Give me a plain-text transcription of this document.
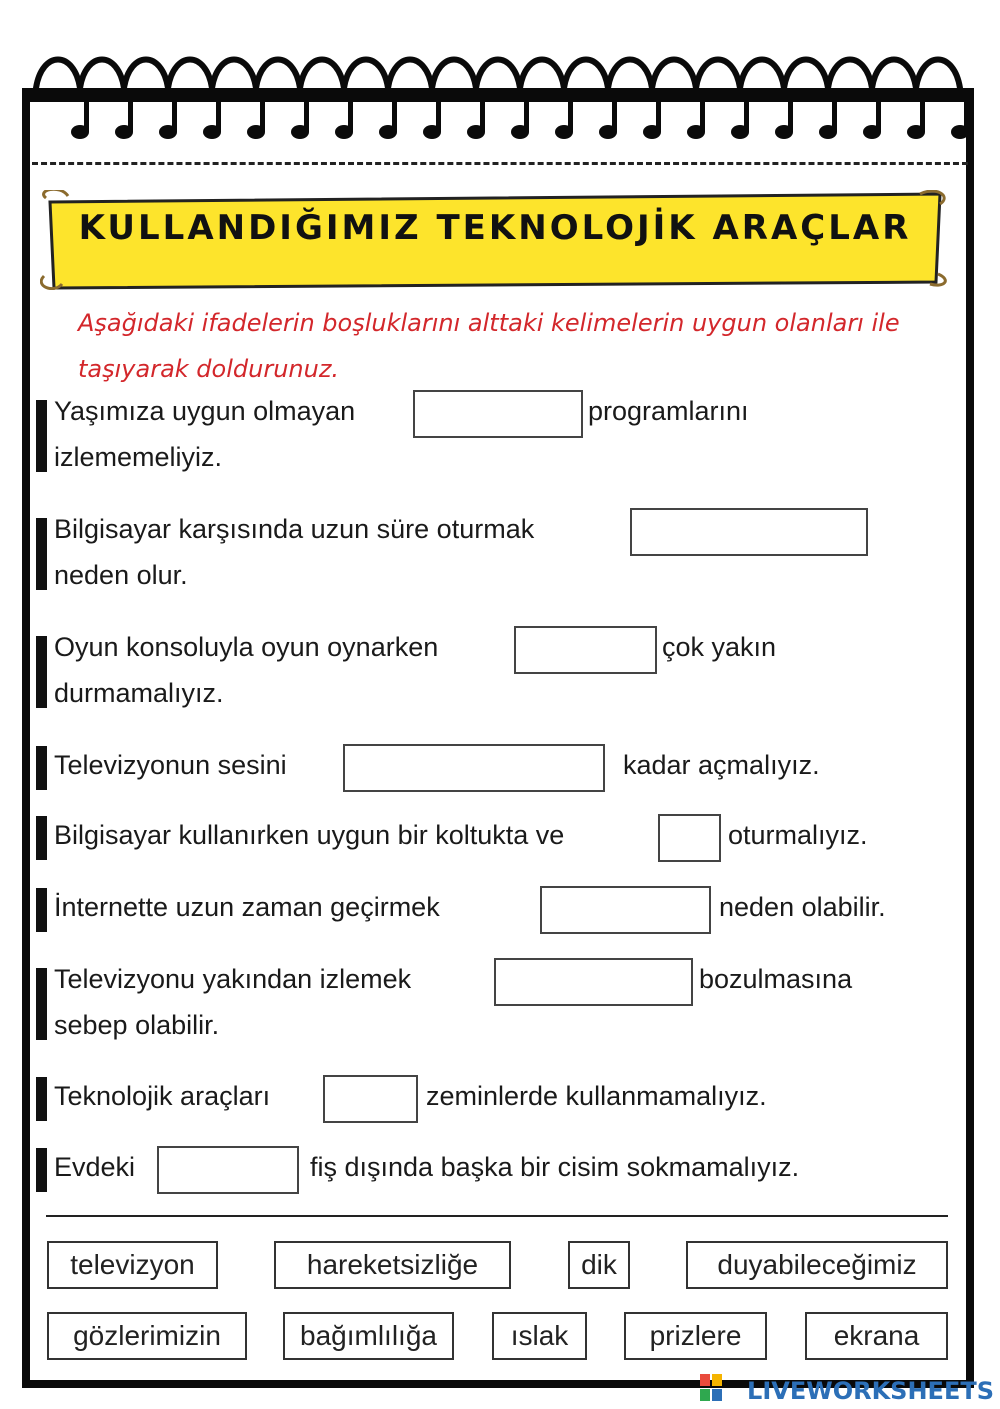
KULLANDIĞIMIZ TEKNOLOJİK ARAÇLAR
Aşağıdaki ifadelerin boşluklarını alttaki kelimelerin uygun olanları ile taşıyarak doldurunuz.
Yaşımıza uygun olmayan	programlarını
izlememeliyiz.
Bilgisayar karşısında uzun süre oturmak
neden olur.
Oyun konsoluyla oyun oynarken	çok yakın
durmamalıyız.
Televizyonun sesini	kadar açmalıyız.
Bilgisayar kullanırken uygun bir koltukta ve	oturmalıyız.
İnternette uzun zaman geçirmek	neden olabilir.
Televizyonu yakından izlemek	bozulmasına
sebep olabilir.
Teknolojik araçları	zeminlerde kullanmamalıyız.
Evdeki	fiş dışında başka bir cisim sokmamalıyız.
televizyon	hareketsizliğe	dik	duyabileceğimiz
gözlerimizin	bağımlılığa	ıslak	prizlere	ekrana
LIVEWORKSHEETS
